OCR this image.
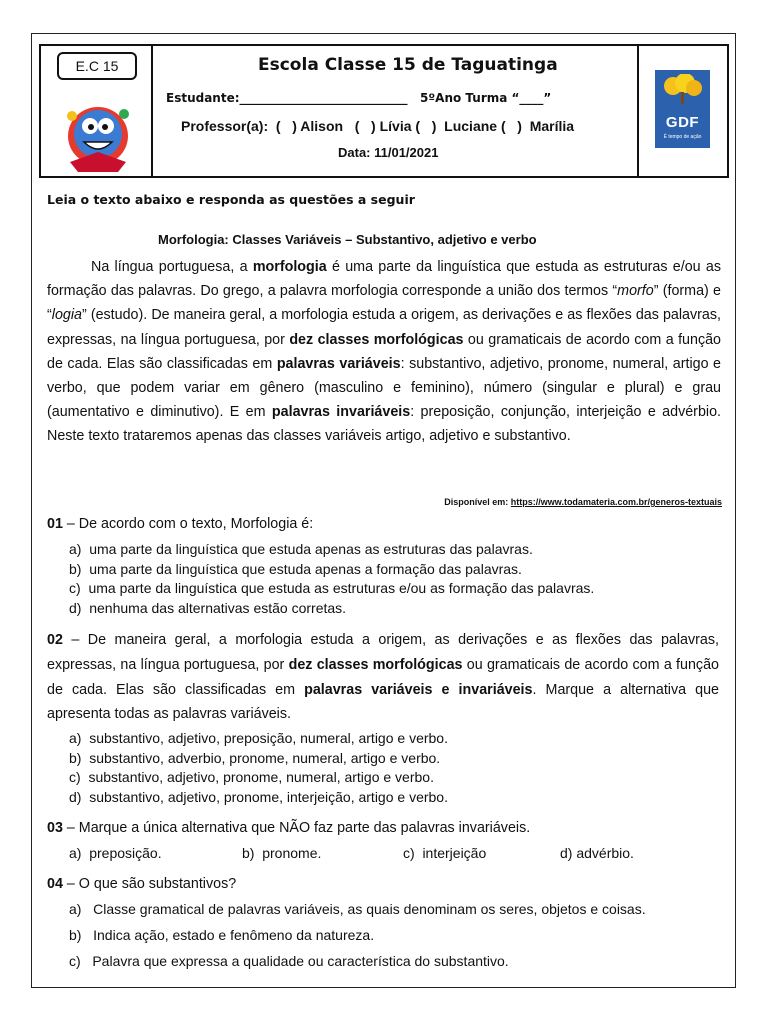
E.C 15
GDF
É tempo de ação
Escola Classe 15 de Taguatinga
Estudante:____________________________   5ºAno Turma “____”
Professor(a):  (   ) Alison   (   ) Lívia (   )  Luciane (   )  Marília
Data: 11/01/2021
Leia o texto abaixo e responda as questões a seguir
Morfologia: Classes Variáveis – Substantivo, adjetivo e verbo
Na língua portuguesa, a morfologia é uma parte da linguística que estuda as estruturas e/ou as formação das palavras. Do grego, a palavra morfologia corresponde a união dos termos “morfo” (forma) e “logia” (estudo). De maneira geral, a morfologia estuda a origem, as derivações e as flexões das palavras, expressas, na língua portuguesa, por dez classes morfológicas ou gramaticais de acordo com a função de cada. Elas são classificadas em palavras variáveis: substantivo, adjetivo, pronome, numeral, artigo e verbo, que podem variar em gênero (masculino e feminino), número (singular e plural) e grau (aumentativo e diminutivo). E em palavras invariáveis: preposição, conjunção, interjeição e advérbio. Neste texto trataremos apenas das classes variáveis artigo, adjetivo e substantivo.
Disponível em: https://www.todamateria.com.br/generos-textuais
01 – De acordo com o texto, Morfologia é:
a)  uma parte da linguística que estuda apenas as estruturas das palavras.
b)  uma parte da linguística que estuda apenas a formação das palavras.
c)  uma parte da linguística que estuda as estruturas e/ou as formação das palavras.
d)  nenhuma das alternativas estão corretas.
02 – De maneira geral, a morfologia estuda a origem, as derivações e as flexões das palavras, expressas, na língua portuguesa, por dez classes morfológicas ou gramaticais de acordo com a função de cada. Elas são classificadas em palavras variáveis e invariáveis. Marque a alternativa que apresenta todas as palavras variáveis.
a)  substantivo, adjetivo, preposição, numeral, artigo e verbo.
b)  substantivo, adverbio, pronome, numeral, artigo e verbo.
c)  substantivo, adjetivo, pronome, numeral, artigo e verbo.
d)  substantivo, adjetivo, pronome, interjeição, artigo e verbo.
03 – Marque a única alternativa que NÃO faz parte das palavras invariáveis.
a)  preposição.	b)  pronome.	c)  interjeição	d) advérbio.
04 – O que são substantivos?
a)   Classe gramatical de palavras variáveis, as quais denominam os seres, objetos e coisas.
b)   Indica ação, estado e fenômeno da natureza.
c)   Palavra que expressa a qualidade ou característica do substantivo.
